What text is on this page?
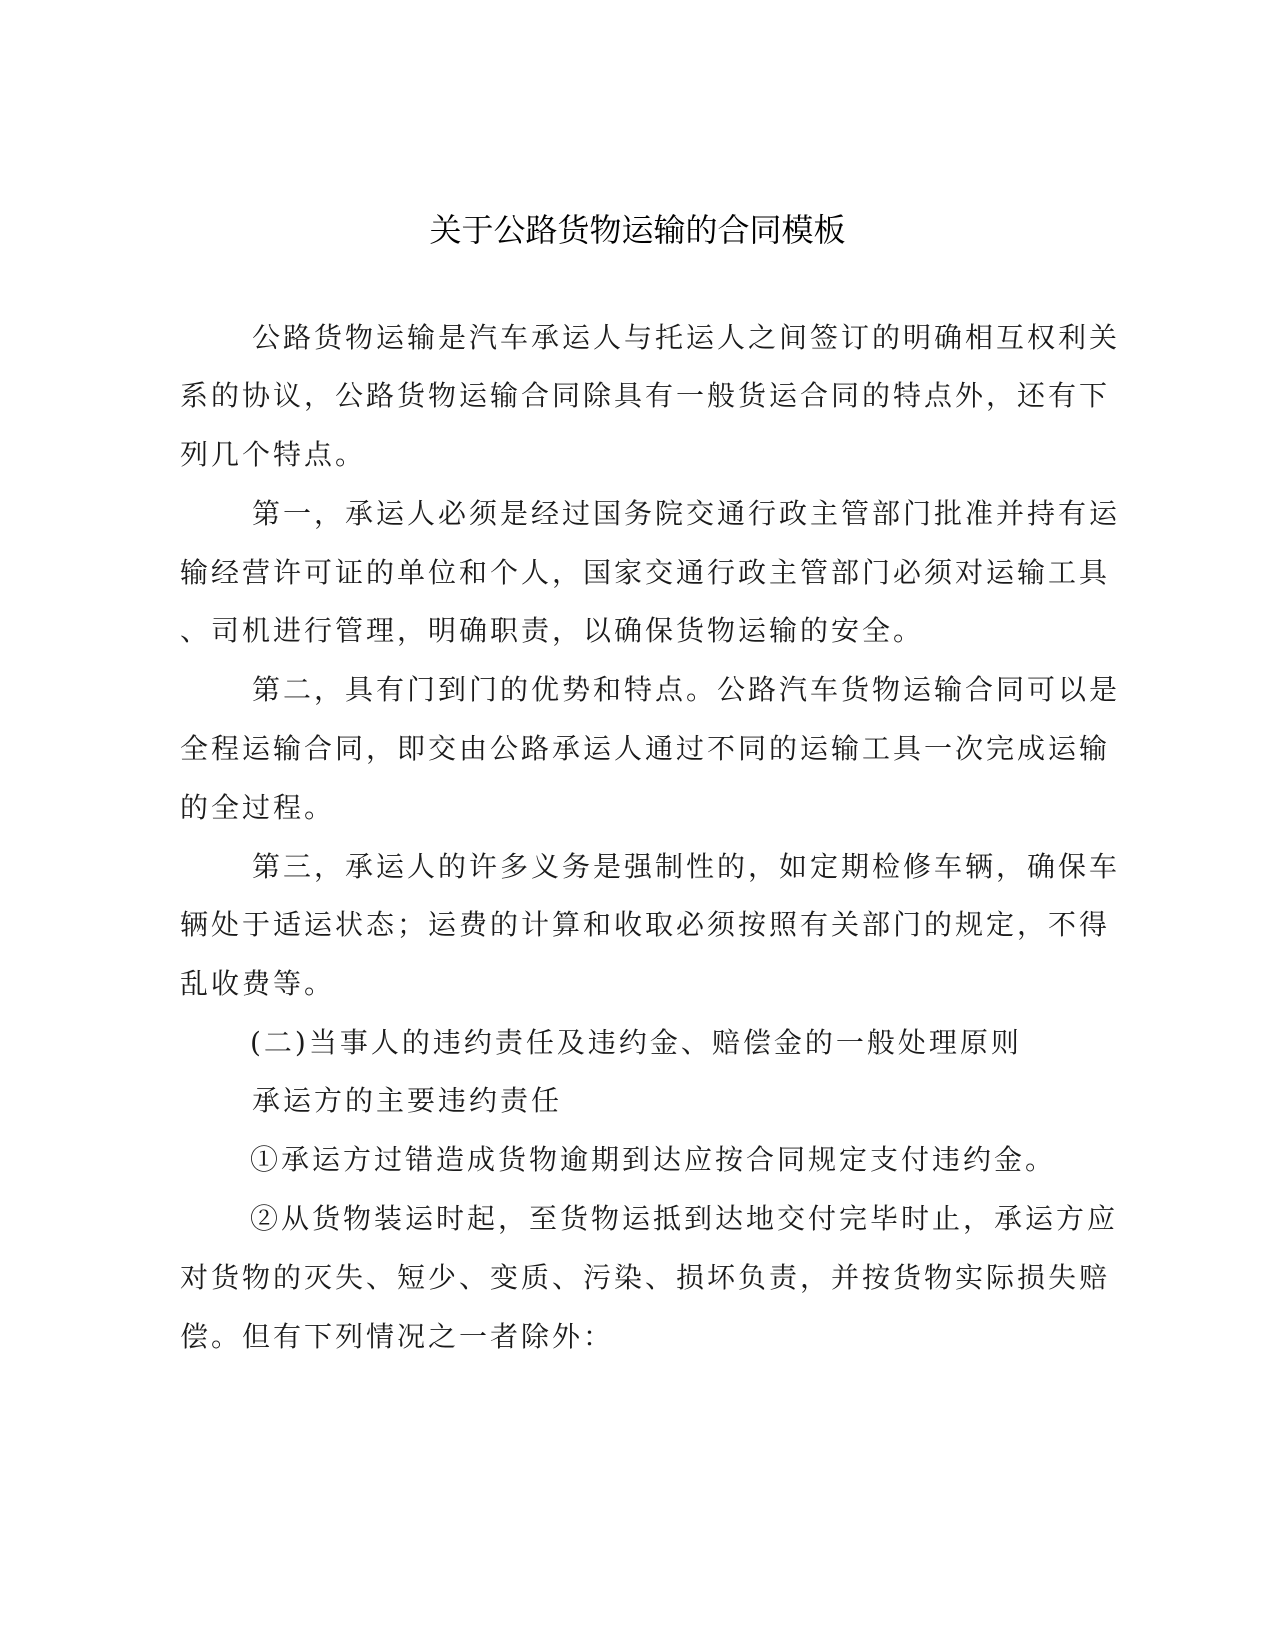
关于公路货物运输的合同模板

公路货物运输是汽车承运人与托运人之间签订的明确相互权利关

系的协议，公路货物运输合同除具有一般货运合同的特点外，还有下

列几个特点。

第一，承运人必须是经过国务院交通行政主管部门批准并持有运

输经营许可证的单位和个人，国家交通行政主管部门必须对运输工具

、司机进行管理，明确职责，以确保货物运输的安全。

第二，具有门到门的优势和特点。公路汽车货物运输合同可以是

全程运输合同，即交由公路承运人通过不同的运输工具一次完成运输

的全过程。

第三，承运人的许多义务是强制性的，如定期检修车辆，确保车

辆处于适运状态；运费的计算和收取必须按照有关部门的规定，不得

乱收费等。

(二)当事人的违约责任及违约金、赔偿金的一般处理原则

承运方的主要违约责任

①承运方过错造成货物逾期到达应按合同规定支付违约金。

②从货物装运时起，至货物运抵到达地交付完毕时止，承运方应

对货物的灭失、短少、变质、污染、损坏负责，并按货物实际损失赔

偿。但有下列情况之一者除外：
